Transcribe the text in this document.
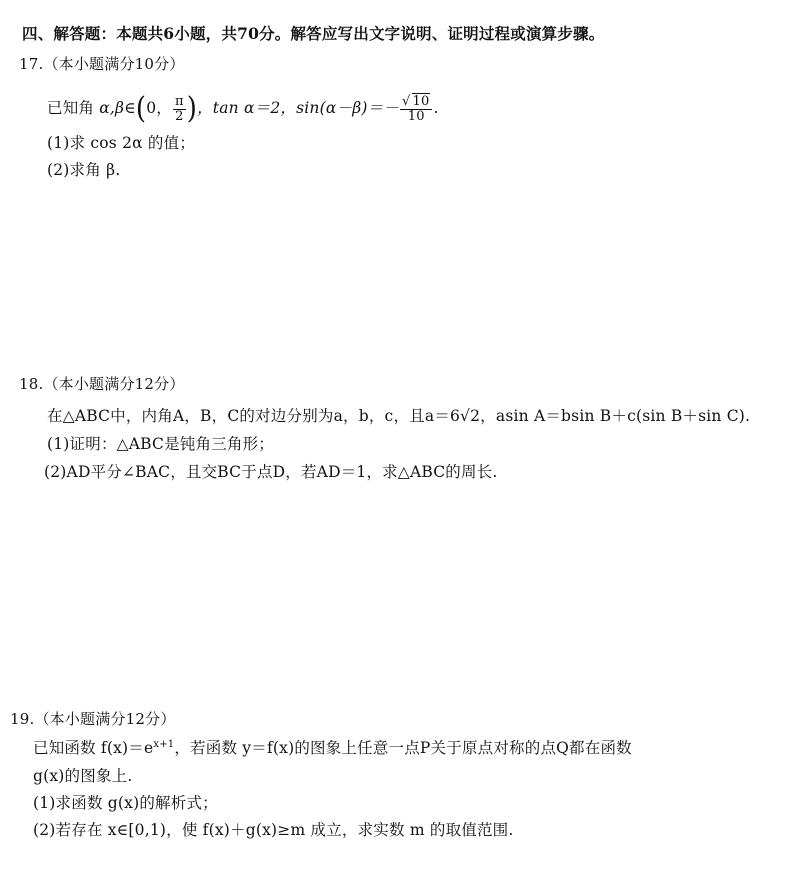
四、解答题：本题共6小题，共70分。解答应写出文字说明、证明过程或演算步骤。
17.（本小题满分10分）
已知角 α,β∈(0， $\frac{\pi}{2}$ )，tan α＝2，$\sin(\alpha-\beta)=- \frac{√ 10}{10}$ .
(1)求 cos 2α 的值；
(2)求角 β.
18.（本小题满分12分）
在△ABC中，内角A，B，C的对边分别为a，b，c，且a＝6√2，asin A＝bsin B＋c(sin B＋sin C).
(1)证明：△ABC是钝角三角形；
(2)AD平分∠BAC，且交BC于点D，若AD＝1，求△ABC的周长.
19.（本小题满分12分）
已知函数 $f(x)=e^{x+1}$，若函数 y＝f(x)的图象上任意一点P关于原点对称的点Q都在函数
g(x)的图象上.
(1)求函数 g(x)的解析式；
(2)若存在 x∈[0,1)，使 f(x)＋g(x)≥m 成立，求实数 m 的取值范围.
